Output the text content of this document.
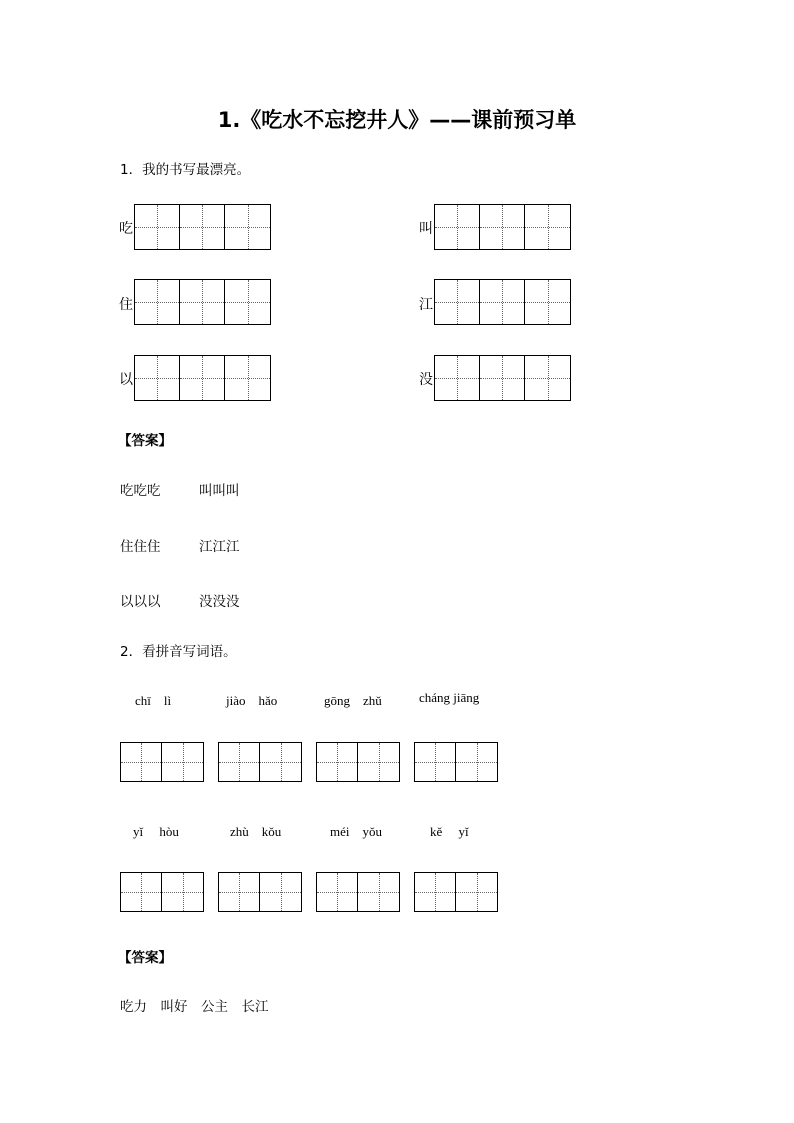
1.《吃水不忘挖井人》——课前预习单
1．我的书写最漂亮。
吃	叫
住	江
以	没
【答案】
吃吃吃	叫叫叫
住住住	江江江
以以以	没没没
2．看拼音写词语。
chī　lì	jiào　hǎo	gōng　zhǔ	cháng jiāng
yǐ　 hòu	zhù　kǒu	méi　yǒu	kě　 yǐ
【答案】
吃力　叫好　公主　长江
